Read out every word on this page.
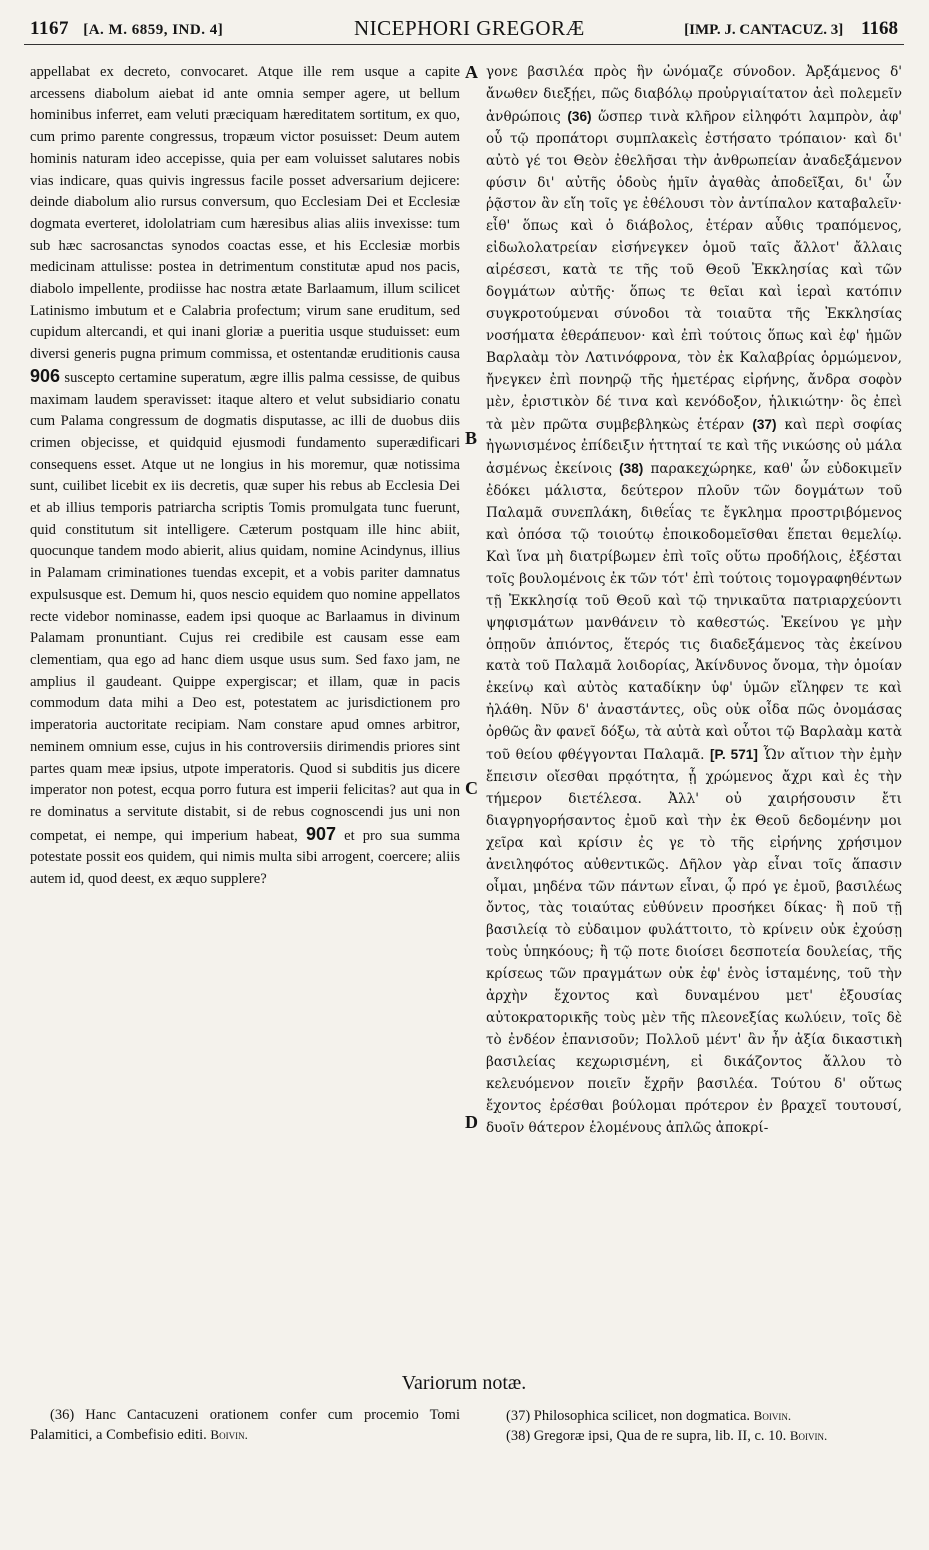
1167 [A. M. 6859, IND. 4]	NICEPHORI GREGORÆ	[IMP. J. CANTACUZ. 3] 1168

appellabat ex decreto, convocaret. Atque ille rem usque a capite arcessens diabolum aiebat id ante omnia semper agere, ut bellum hominibus inferret, eam veluti præciquam hæreditatem sortitum, ex quo, cum primo parente congressus, tropæum victor posuisset: Deum autem hominis naturam ideo accepisse, quia per eam voluisset salutares nobis vias indicare, quas quivis ingressus facile posset adversarium dejicere: deinde diabolum alio rursus conversum, quo Ecclesiam Dei et Ecclesiæ dogmata everteret, idololatriam cum hæresibus alias aliis invexisse: tum sub hæc sacrosanctas synodos coactas esse, et his Ecclesiæ morbis medicinam attulisse: postea in detrimentum constitutæ apud nos pacis, diabolo impellente, prodiisse hac nostra ætate Barlaamum, illum scilicet Latinismo imbutum et e Calabria profectum; virum sane eruditum, sed cupidum altercandi, et qui inani gloriæ a pueritia usque studuisset: eum diversi generis pugna primum commissa, et ostentandæ eruditionis causa 906 suscepto certamine superatum, ægre illis palma cessisse, de quibus maximam laudem speravisset: itaque altero et velut subsidiario conatu cum Palama congressum de dogmatis disputasse, ac illi de duobus diis crimen objecisse, et quidquid ejusmodi fundamento superædificari consequens esset. Atque ut ne longius in his moremur, quæ notissima sunt, cuilibet licebit ex iis decretis, quæ super his rebus ab Ecclesia Dei et ab illius temporis patriarcha scriptis Tomis promulgata tunc fuerunt, quid constitutum sit intelligere. Cæterum postquam ille hinc abiit, quocunque tandem modo abierit, alius quidam, nomine Acindynus, illius in Palamam criminationes tuendas excepit, et a vobis pariter damnatus expulsusque est. Demum hi, quos nescio equidem quo nomine appellatos recte videbor nominasse, eadem ipsi quoque ac Barlaamus in divinum Palamam pronuntiant. Cujus rei credibile est causam esse eam clementiam, qua ego ad hanc diem usque usus sum. Sed faxo jam, ne amplius il gaudeant. Quippe expergiscar; et illam, quæ in pacis commodum data mihi a Deo est, potestatem ac jurisdictionem pro imperatoria auctoritate recipiam. Nam constare apud omnes arbitror, neminem omnium esse, cujus in his controversiis dirimendis priores sint partes quam meæ ipsius, utpote imperatoris. Quod si subditis jus dicere imperator non potest, ecqua porro futura est imperii felicitas? aut qua in re dominatus a servitute distabit, si de rebus cognoscendi jus uni non competat, ei nempe, qui imperium habeat, 907 et pro sua summa potestate possit eos quidem, qui nimis multa sibi arrogent, coercere; aliis autem id, quod deest, ex æquo supplere?

A
B
C
D

γονε βασιλέα πρὸς ἣν ὠνόμαζε σύνοδον. Ἀρξάμενος δ' ἄνωθεν διεξῄει, πῶς διαβόλῳ προὐργιαίτατον ἀεὶ πολεμεῖν ἀνθρώποις (36) ὥσπερ τινὰ κλῆρον εἰληφότι λαμπρὸν, ἀφ' οὗ τῷ προπάτορι συμπλακεὶς ἐστήσατο τρόπαιον· καὶ δι' αὐτὸ γέ τοι Θεὸν ἐθελῆσαι τὴν ἀνθρωπείαν ἀναδεξάμενον φύσιν δι' αὐτῆς ὁδοὺς ἡμῖν ἀγαθὰς ἀποδεῖξαι, δι' ὧν ῥᾷστον ἂν εἴη τοῖς γε ἐθέλουσι τὸν ἀντίπαλον καταβαλεῖν· εἶθ' ὅπως καὶ ὁ διάβολος, ἑτέραν αὖθις τραπόμενος, εἰδωλολατρείαν εἰσήνεγκεν ὁμοῦ ταῖς ἄλλοτ' ἄλλαις αἱρέσεσι, κατὰ τε τῆς τοῦ Θεοῦ Ἐκκλησίας καὶ τῶν δογμάτων αὐτῆς· ὅπως τε θεῖαι καὶ ἱεραὶ κατόπιν συγκροτούμεναι σύνοδοι τὰ τοιαῦτα τῆς Ἐκκλησίας νοσήματα ἐθεράπευον· καὶ ἐπὶ τούτοις ὅπως καὶ ἐφ' ἡμῶν Βαρλαὰμ τὸν Λατινόφρονα, τὸν ἐκ Καλαβρίας ὁρμώμενον, ἤνεγκεν ἐπὶ πονηρῷ τῆς ἡμετέρας εἰρήνης, ἄνδρα σοφὸν μὲν, ἐριστικὸν δέ τινα καὶ κενόδοξον, ἡλικιώτην· ὃς ἐπεὶ τὰ μὲν πρῶτα συμβεβληκὼς ἑτέραν (37) καὶ περὶ σοφίας ἠγωνισμένος ἐπίδειξιν ἡττηταί τε καὶ τῆς νικώσης οὐ μάλα ἀσμένως ἐκείνοις (38) παρακεχώρηκε, καθ' ὧν εὐδοκιμεῖν ἐδόκει μάλιστα, δεύτερον πλοῦν τῶν δογμάτων τοῦ Παλαμᾶ συνεπλάκη, διθεΐας τε ἔγκλημα προστριβόμενος καὶ ὁπόσα τῷ τοιούτῳ ἐποικοδομεῖσθαι ἕπεται θεμελίῳ. Καὶ ἵνα μὴ διατρίβωμεν ἐπὶ τοῖς οὕτω προδήλοις, ἐξέσται τοῖς βουλομένοις ἐκ τῶν τότ' ἐπὶ τούτοις τομογραφηθέντων τῇ Ἐκκλησίᾳ τοῦ Θεοῦ καὶ τῷ τηνικαῦτα πατριαρχεύοντι ψηφισμάτων μανθάνειν τὸ καθεστώς. Ἐκείνου γε μὴν ὁπῃοῦν ἀπιόντος, ἕτερός τις διαδεξάμενος τὰς ἐκείνου κατὰ τοῦ Παλαμᾶ λοιδορίας, Ἀκίνδυνος ὄνομα, τὴν ὁμοίαν ἐκείνῳ καὶ αὐτὸς καταδίκην ὑφ' ὑμῶν εἴληφεν τε καὶ ἠλάθη. Νῦν δ' ἀναστάντες, οὓς οὐκ οἶδα πῶς ὀνομάσας ὀρθῶς ἂν φανεῖ δόξω, τὰ αὐτὰ καὶ οὗτοι τῷ Βαρλαὰμ κατὰ τοῦ θείου φθέγγονται Παλαμᾶ. [P. 571] Ὧν αἴτιον τὴν ἐμὴν ἔπεισιν οἴεσθαι πρᾳότητα, ᾗ χρώμενος ἄχρι καὶ ἐς τὴν τήμερον διετέλεσα. Ἀλλ' οὐ χαιρήσουσιν ἔτι διαγρηγορήσαντος ἐμοῦ καὶ τὴν ἐκ Θεοῦ δεδομένην μοι χεῖρα καὶ κρίσιν ἐς γε τὸ τῆς εἰρήνης χρήσιμον ἀνειληφότος αὐθεντικῶς. Δῆλον γὰρ εἶναι τοῖς ἅπασιν οἶμαι, μηδένα τῶν πάντων εἶναι, ᾧ πρό γε ἐμοῦ, βασιλέως ὄντος, τὰς τοιαύτας εὐθύνειν προσήκει δίκας· ἢ ποῦ τῇ βασιλείᾳ τὸ εὐδαιμον φυλάττοιτο, τὸ κρίνειν οὐκ ἐχούσῃ τοὺς ὑπηκόους; ἢ τῷ ποτε διοίσει δεσποτεία δουλείας, τῆς κρίσεως τῶν πραγμάτων οὐκ ἐφ' ἑνὸς ἱσταμένης, τοῦ τὴν ἀρχὴν ἔχοντος καὶ δυναμένου μετ' ἐξουσίας αὐτοκρατορικῆς τοὺς μὲν τῆς πλεονεξίας κωλύειν, τοῖς δὲ τὸ ἐνδέον ἐπανισοῦν; Πολλοῦ μέντ' ἂν ἦν ἀξία δικαστικὴ βασιλείας κεχωρισμένη, εἰ δικάζοντος ἄλλου τὸ κελευόμενον ποιεῖν ἔχρῆν βασιλέα. Τούτου δ' οὕτως ἔχοντος ἐρέσθαι βούλομαι πρότερον ἐν βραχεῖ τουτουσί, δυοῖν θάτερον ἑλομένους ἁπλῶς ἀποκρί-

Variorum notæ.

(36) Hanc Cantacuzeni orationem confer cum procemio Tomi Palamitici, a Combefisio editi. Boivin.

(37) Philosophica scilicet, non dogmatica. Boivin.

(38) Gregoræ ipsi, Qua de re supra, lib. II, c. 10. Boivin.
